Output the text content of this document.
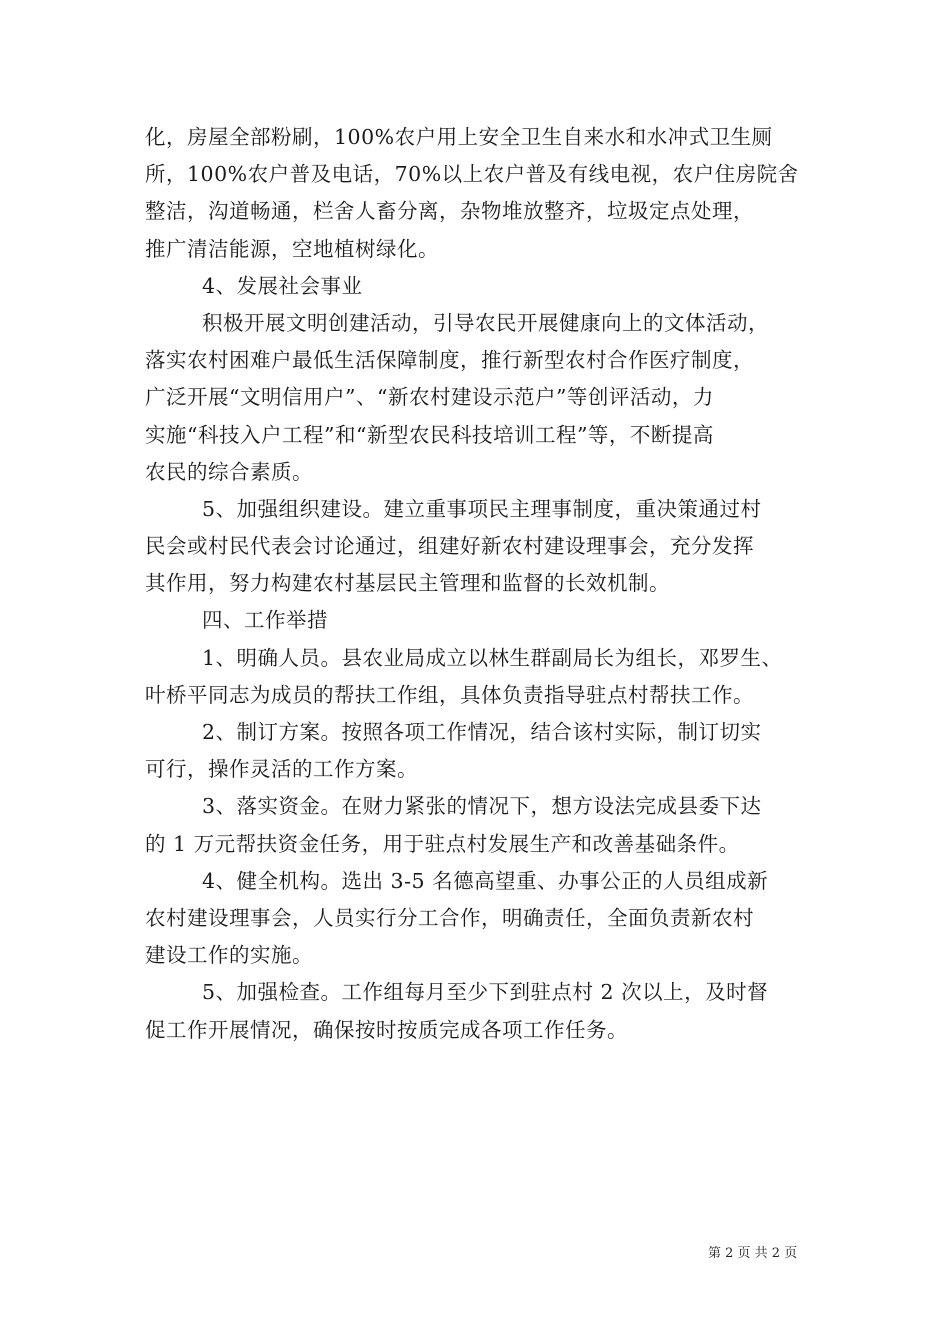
化，房屋全部粉刷，100%农户用上安全卫生自来水和水冲式卫生厕
所，100%农户普及电话，70%以上农户普及有线电视，农户住房院舍
整洁，沟道畅通，栏舍人畜分离，杂物堆放整齐，垃圾定点处理，
推广清洁能源，空地植树绿化。
4、发展社会事业
积极开展文明创建活动，引导农民开展健康向上的文体活动，
落实农村困难户最低生活保障制度，推行新型农村合作医疗制度，
广泛开展“文明信用户”、“新农村建设示范户”等创评活动，力
实施“科技入户工程”和“新型农民科技培训工程”等，不断提高
农民的综合素质。
5、加强组织建设。建立重事项民主理事制度，重决策通过村
民会或村民代表会讨论通过，组建好新农村建设理事会，充分发挥
其作用，努力构建农村基层民主管理和监督的长效机制。
四、工作举措
1、明确人员。县农业局成立以林生群副局长为组长，邓罗生、
叶桥平同志为成员的帮扶工作组，具体负责指导驻点村帮扶工作。
2、制订方案。按照各项工作情况，结合该村实际，制订切实
可行，操作灵活的工作方案。
3、落实资金。在财力紧张的情况下，想方设法完成县委下达
的 1 万元帮扶资金任务，用于驻点村发展生产和改善基础条件。
4、健全机构。选出 3-5 名德高望重、办事公正的人员组成新
农村建设理事会，人员实行分工合作，明确责任，全面负责新农村
建设工作的实施。
5、加强检查。工作组每月至少下到驻点村 2 次以上，及时督
促工作开展情况，确保按时按质完成各项工作任务。
第 2 页 共 2 页
